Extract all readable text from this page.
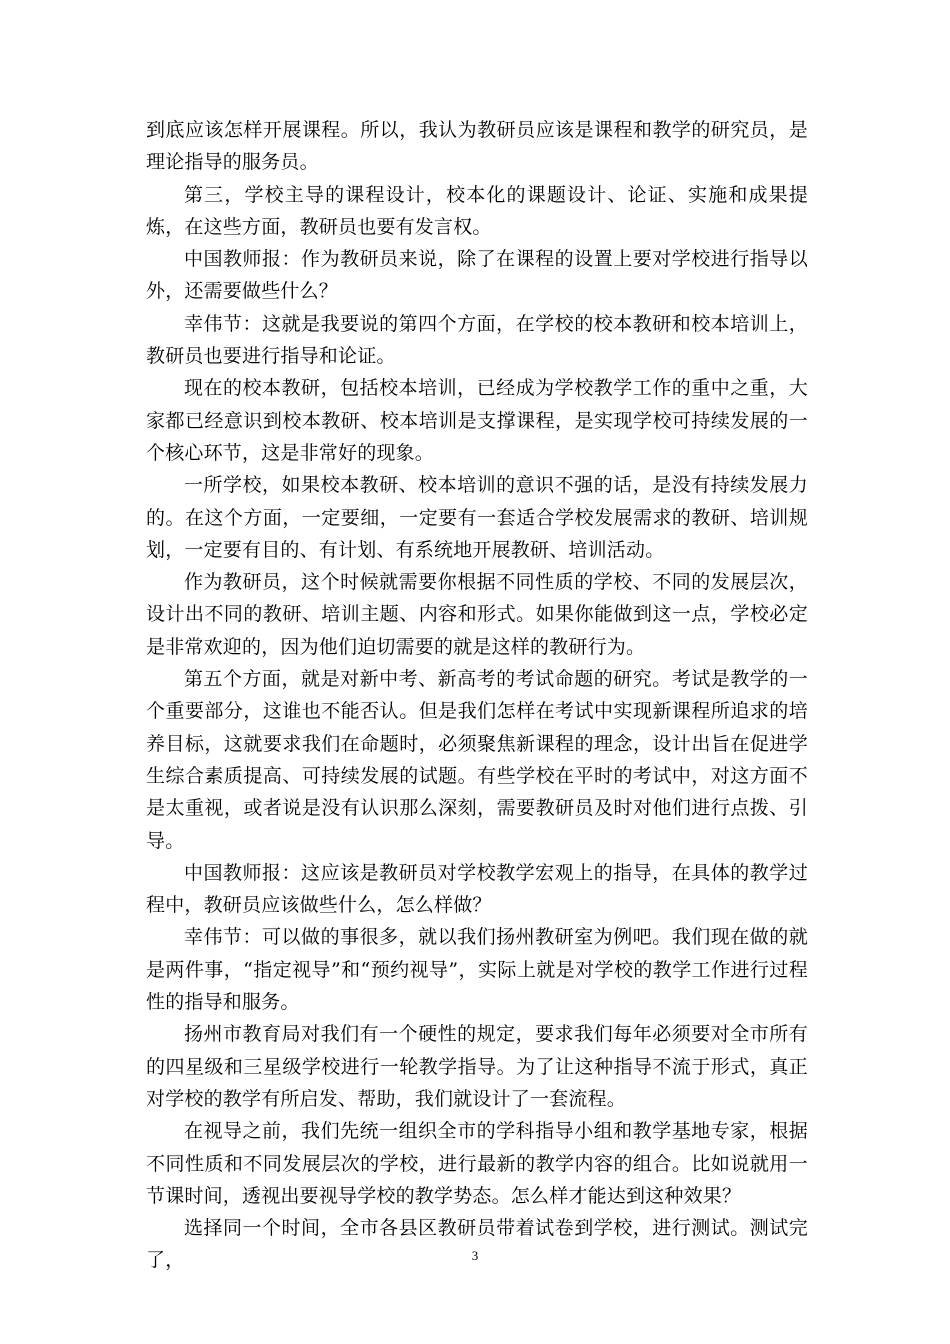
到底应该怎样开展课程。所以，我认为教研员应该是课程和教学的研究员，是理论指导的服务员。

第三，学校主导的课程设计，校本化的课题设计、论证、实施和成果提炼，在这些方面，教研员也要有发言权。

中国教师报：作为教研员来说，除了在课程的设置上要对学校进行指导以外，还需要做些什么？

幸伟节：这就是我要说的第四个方面，在学校的校本教研和校本培训上，教研员也要进行指导和论证。

现在的校本教研，包括校本培训，已经成为学校教学工作的重中之重，大家都已经意识到校本教研、校本培训是支撑课程，是实现学校可持续发展的一个核心环节，这是非常好的现象。

一所学校，如果校本教研、校本培训的意识不强的话，是没有持续发展力的。在这个方面，一定要细，一定要有一套适合学校发展需求的教研、培训规划，一定要有目的、有计划、有系统地开展教研、培训活动。

作为教研员，这个时候就需要你根据不同性质的学校、不同的发展层次，设计出不同的教研、培训主题、内容和形式。如果你能做到这一点，学校必定是非常欢迎的，因为他们迫切需要的就是这样的教研行为。

第五个方面，就是对新中考、新高考的考试命题的研究。考试是教学的一个重要部分，这谁也不能否认。但是我们怎样在考试中实现新课程所追求的培养目标，这就要求我们在命题时，必须聚焦新课程的理念，设计出旨在促进学生综合素质提高、可持续发展的试题。有些学校在平时的考试中，对这方面不是太重视，或者说是没有认识那么深刻，需要教研员及时对他们进行点拨、引导。

中国教师报：这应该是教研员对学校教学宏观上的指导，在具体的教学过程中，教研员应该做些什么，怎么样做？

幸伟节：可以做的事很多，就以我们扬州教研室为例吧。我们现在做的就是两件事，“指定视导”和“预约视导”，实际上就是对学校的教学工作进行过程性的指导和服务。

扬州市教育局对我们有一个硬性的规定，要求我们每年必须要对全市所有的四星级和三星级学校进行一轮教学指导。为了让这种指导不流于形式，真正对学校的教学有所启发、帮助，我们就设计了一套流程。

在视导之前，我们先统一组织全市的学科指导小组和教学基地专家，根据不同性质和不同发展层次的学校，进行最新的教学内容的组合。比如说就用一节课时间，透视出要视导学校的教学势态。怎么样才能达到这种效果？

选择同一个时间，全市各县区教研员带着试卷到学校，进行测试。测试完了，	3
